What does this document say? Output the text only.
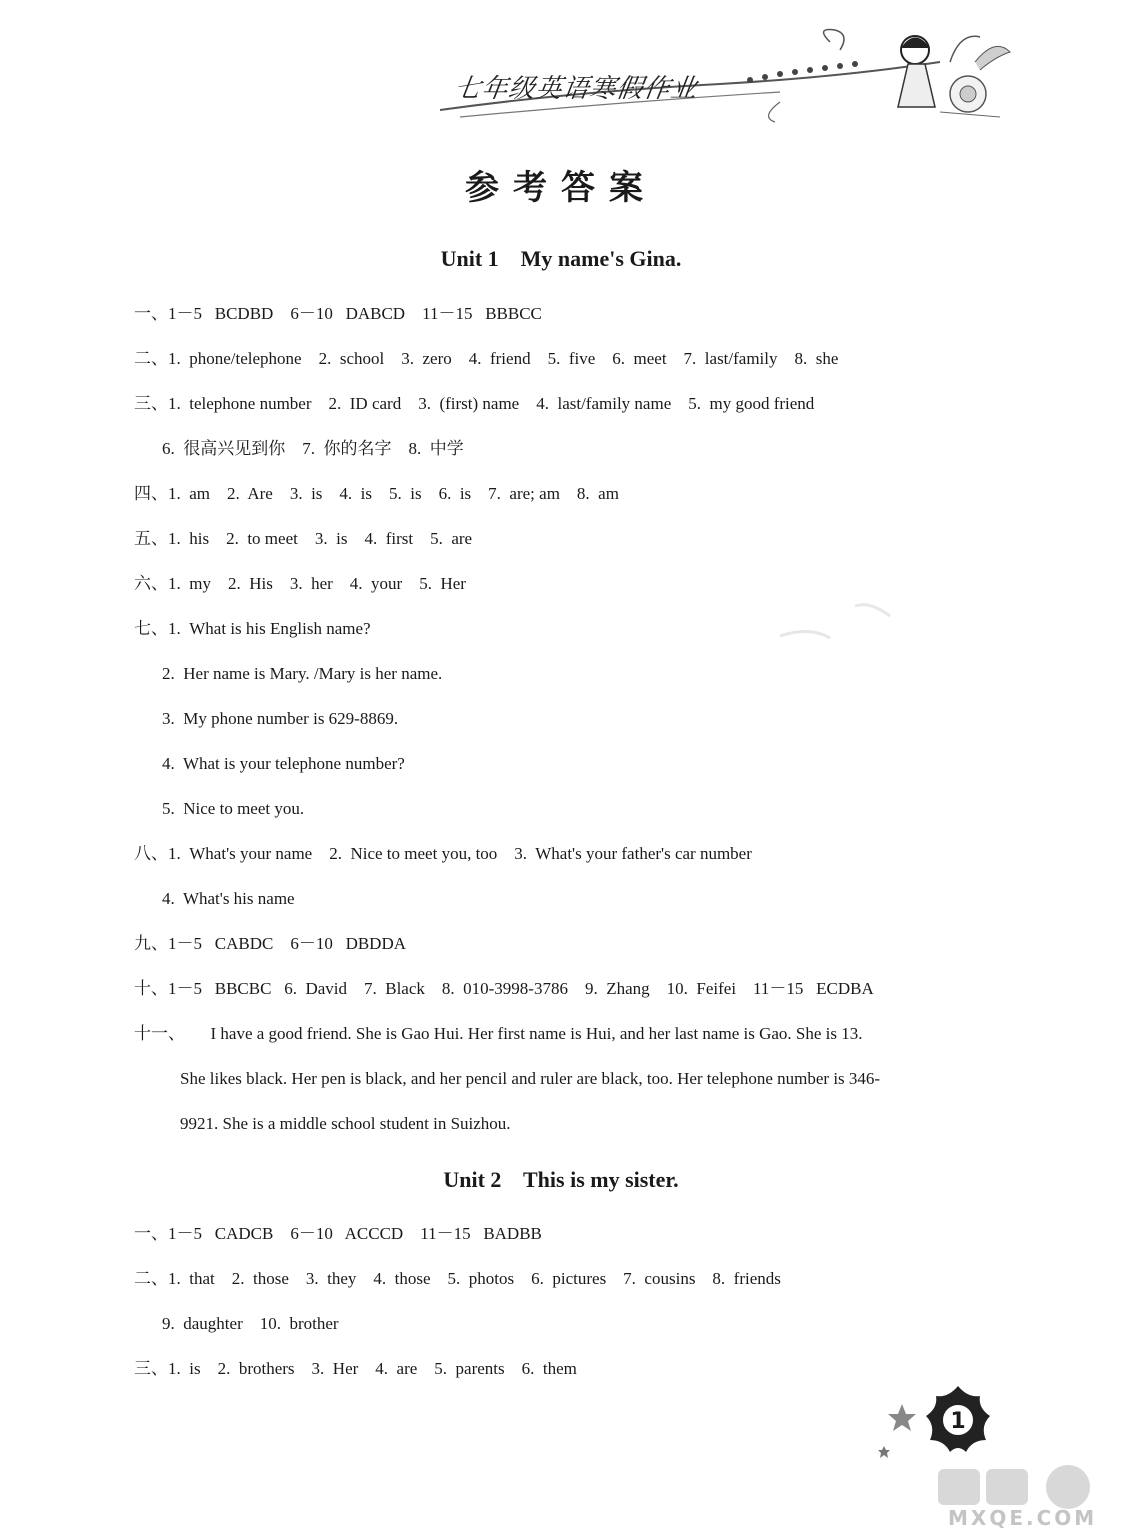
七年级英语寒假作业
参考答案
Unit 1    My name's Gina.
一、1－5   BCDBD    6－10   DABCD    11－15   BBBCC
二、1.  phone/telephone    2.  school    3.  zero    4.  friend    5.  five    6.  meet    7.  last/family    8.  she
三、1.  telephone number    2.  ID card    3.  (first) name    4.  last/family name    5.  my good friend
6.  很高兴见到你    7.  你的名字    8.  中学
四、1.  am    2.  Are    3.  is    4.  is    5.  is    6.  is    7.  are; am    8.  am
五、1.  his    2.  to meet    3.  is    4.  first    5.  are
六、1.  my    2.  His    3.  her    4.  your    5.  Her
七、1.  What is his English name?
2.  Her name is Mary. /Mary is her name.
3.  My phone number is 629-8869.
4.  What is your telephone number?
5.  Nice to meet you.
八、1.  What's your name    2.  Nice to meet you, too    3.  What's your father's car number
4.  What's his name
九、1－5   CABDC    6－10   DBDDA
十、1－5   BBCBC   6.  David    7.  Black    8.  010-3998-3786    9.  Zhang    10.  Feifei    11－15   ECDBA
十一、      I have a good friend. She is Gao Hui. Her first name is Hui, and her last name is Gao. She is 13.
She likes black. Her pen is black, and her pencil and ruler are black, too. Her telephone number is 346-
9921. She is a middle school student in Suizhou.
Unit 2    This is my sister.
一、1－5   CADCB    6－10   ACCCD    11－15   BADBB
二、1.  that    2.  those    3.  they    4.  those    5.  photos    6.  pictures    7.  cousins    8.  friends
9.  daughter    10.  brother
三、1.  is    2.  brothers    3.  Her    4.  are    5.  parents    6.  them
1
MXQE.COM
